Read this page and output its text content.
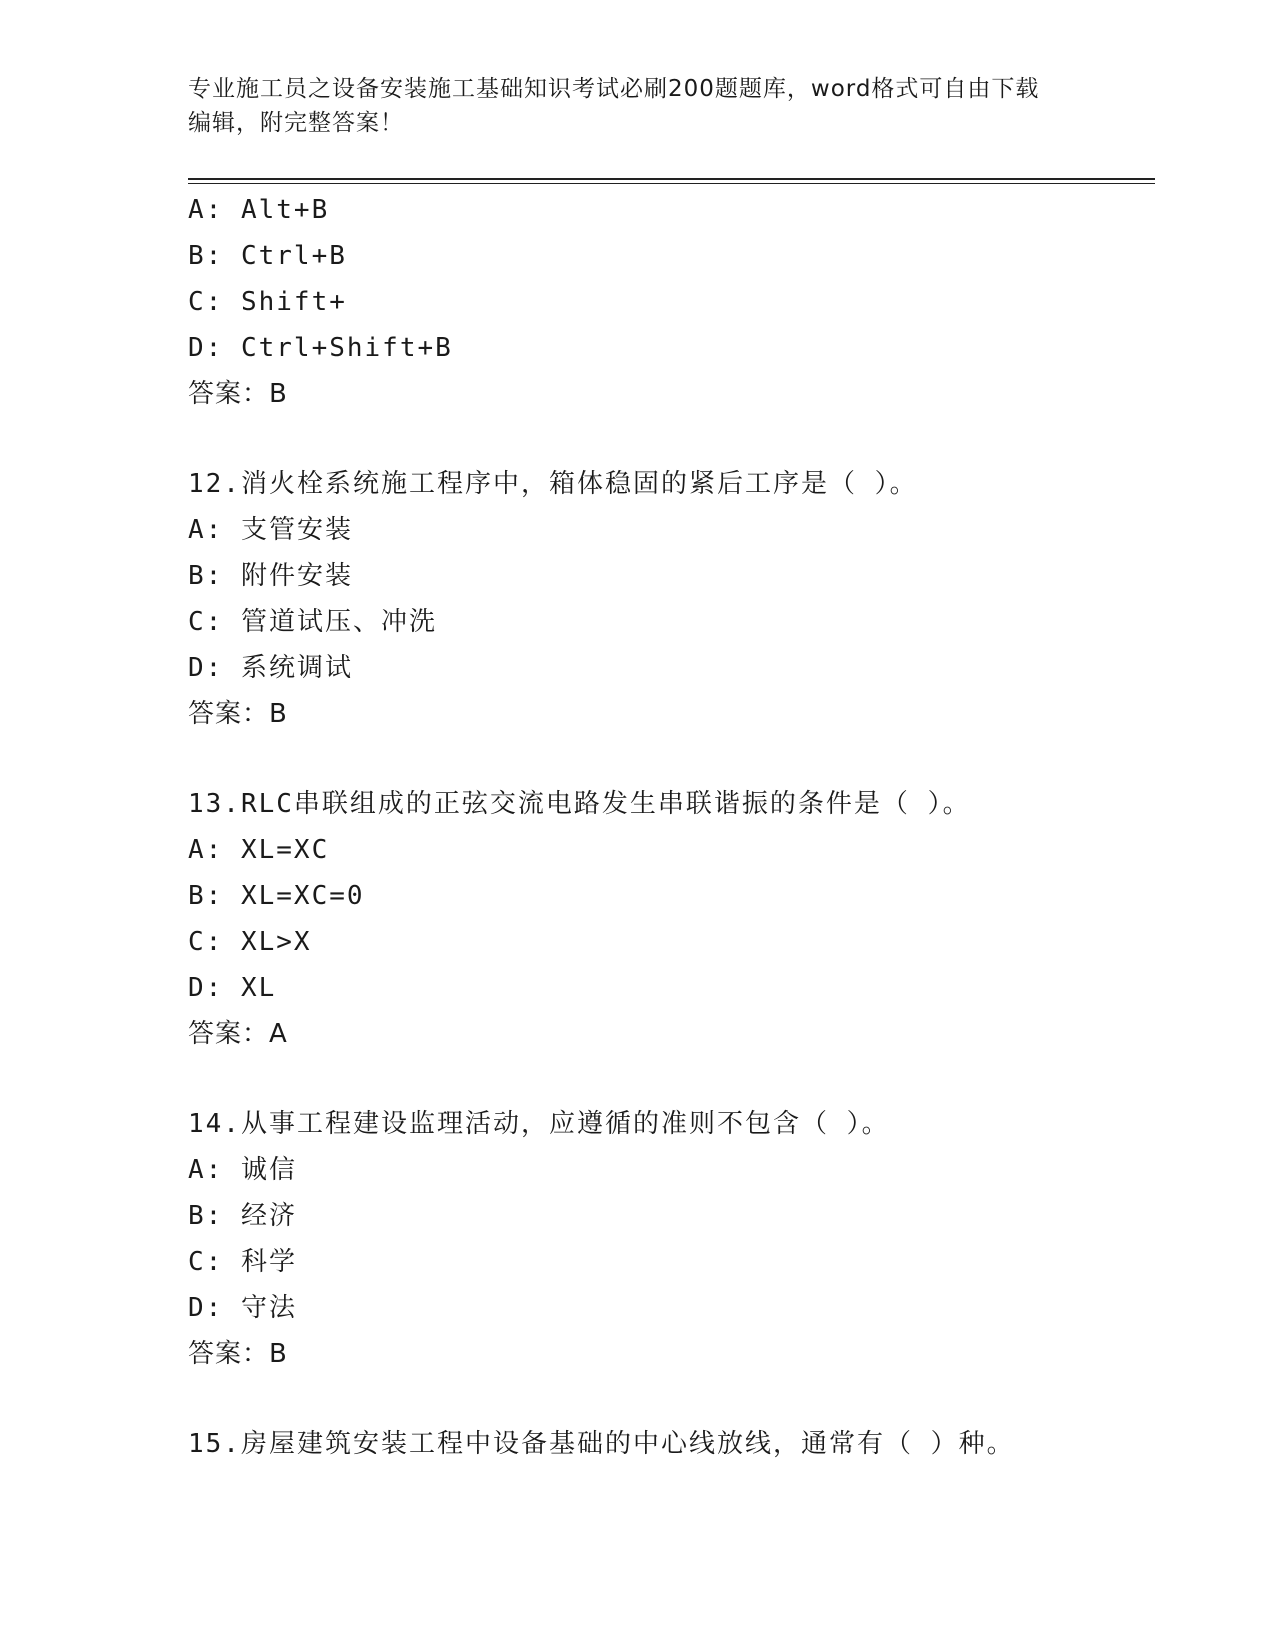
专业施工员之设备安装施工基础知识考试必刷200题题库，word格式可自由下载
编辑，附完整答案！
A: Alt+B
B: Ctrl+B
C: Shift+
D: Ctrl+Shift+B
答案：B
12.消火栓系统施工程序中，箱体稳固的紧后工序是（ ）。
A: 支管安装
B: 附件安装
C: 管道试压、冲洗
D: 系统调试
答案：B
13.RLC串联组成的正弦交流电路发生串联谐振的条件是（ ）。
A: XL=XC
B: XL=XC=0
C: XL>X
D: XL
答案：A
14.从事工程建设监理活动，应遵循的准则不包含（ ）。
A: 诚信
B: 经济
C: 科学
D: 守法
答案：B
15.房屋建筑安装工程中设备基础的中心线放线，通常有（ ）种。
